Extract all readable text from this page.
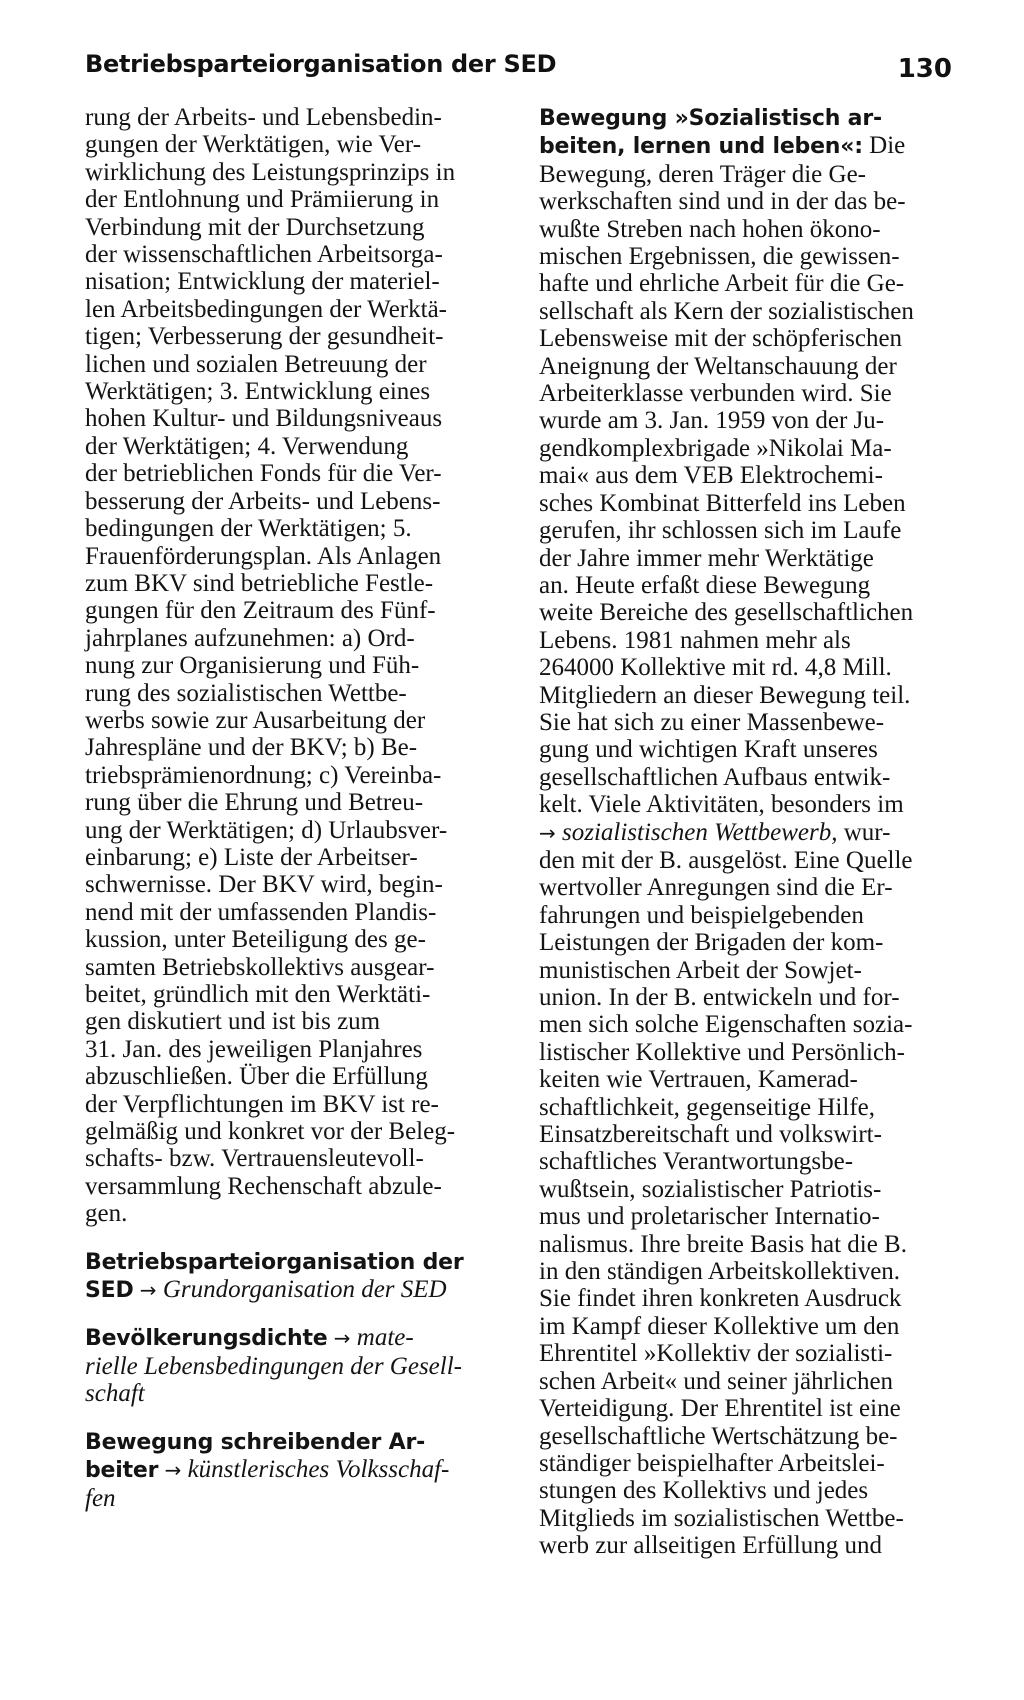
Betriebsparteiorganisation der SED	130

rung der Arbeits- und Lebensbedin-
gungen der Werktätigen, wie Ver-
wirklichung des Leistungsprinzips in
der Entlohnung und Prämiierung in
Verbindung mit der Durchsetzung
der wissenschaftlichen Arbeitsorga-
nisation; Entwicklung der materiel-
len Arbeitsbedingungen der Werktä-
tigen; Verbesserung der gesundheit-
lichen und sozialen Betreuung der
Werktätigen; 3. Entwicklung eines
hohen Kultur- und Bildungsniveaus
der Werktätigen; 4. Verwendung
der betrieblichen Fonds für die Ver-
besserung der Arbeits- und Lebens-
bedingungen der Werktätigen; 5.
Frauenförderungsplan. Als Anlagen
zum BKV sind betriebliche Festle-
gungen für den Zeitraum des Fünf-
jahrplanes aufzunehmen: a) Ord-
nung zur Organisierung und Füh-
rung des sozialistischen Wettbe-
werbs sowie zur Ausarbeitung der
Jahrespläne und der BKV; b) Be-
triebsprämienordnung; c) Vereinba-
rung über die Ehrung und Betreu-
ung der Werktätigen; d) Urlaubsver-
einbarung; e) Liste der Arbeitser-
schwernisse. Der BKV wird, begin-
nend mit der umfassenden Plandis-
kussion, unter Beteiligung des ge-
samten Betriebskollektivs ausgear-
beitet, gründlich mit den Werktäti-
gen diskutiert und ist bis zum
31. Jan. des jeweiligen Planjahres
abzuschließen. Über die Erfüllung
der Verpflichtungen im BKV ist re-
gelmäßig und konkret vor der Beleg-
schafts- bzw. Vertrauensleutevoll-
versammlung Rechenschaft abzule-
gen.

Betriebsparteiorganisation der
SED → Grundorganisation der SED

Bevölkerungsdichte → mate-
rielle Lebensbedingungen der Gesell-
schaft

Bewegung schreibender Ar-
beiter → künstlerisches Volksschaf-
fen

Bewegung »Sozialistisch ar-
beiten, lernen und leben«: Die
Bewegung, deren Träger die Ge-
werkschaften sind und in der das be-
wußte Streben nach hohen ökono-
mischen Ergebnissen, die gewissen-
hafte und ehrliche Arbeit für die Ge-
sellschaft als Kern der sozialistischen
Lebensweise mit der schöpferischen
Aneignung der Weltanschauung der
Arbeiterklasse verbunden wird. Sie
wurde am 3. Jan. 1959 von der Ju-
gendkomplexbrigade »Nikolai Ma-
mai« aus dem VEB Elektrochemi-
sches Kombinat Bitterfeld ins Leben
gerufen, ihr schlossen sich im Laufe
der Jahre immer mehr Werktätige
an. Heute erfaßt diese Bewegung
weite Bereiche des gesellschaftlichen
Lebens. 1981 nahmen mehr als
264000 Kollektive mit rd. 4,8 Mill.
Mitgliedern an dieser Bewegung teil.
Sie hat sich zu einer Massenbewe-
gung und wichtigen Kraft unseres
gesellschaftlichen Aufbaus entwik-
kelt. Viele Aktivitäten, besonders im
→ sozialistischen Wettbewerb, wur-
den mit der B. ausgelöst. Eine Quelle
wertvoller Anregungen sind die Er-
fahrungen und beispielgebenden
Leistungen der Brigaden der kom-
munistischen Arbeit der Sowjet-
union. In der B. entwickeln und for-
men sich solche Eigenschaften sozia-
listischer Kollektive und Persönlich-
keiten wie Vertrauen, Kamerad-
schaftlichkeit, gegenseitige Hilfe,
Einsatzbereitschaft und volkswirt-
schaftliches Verantwortungsbe-
wußtsein, sozialistischer Patriotis-
mus und proletarischer Internatio-
nalismus. Ihre breite Basis hat die B.
in den ständigen Arbeitskollektiven.
Sie findet ihren konkreten Ausdruck
im Kampf dieser Kollektive um den
Ehrentitel »Kollektiv der sozialisti-
schen Arbeit« und seiner jährlichen
Verteidigung. Der Ehrentitel ist eine
gesellschaftliche Wertschätzung be-
ständiger beispielhafter Arbeitslei-
stungen des Kollektivs und jedes
Mitglieds im sozialistischen Wettbe-
werb zur allseitigen Erfüllung und
